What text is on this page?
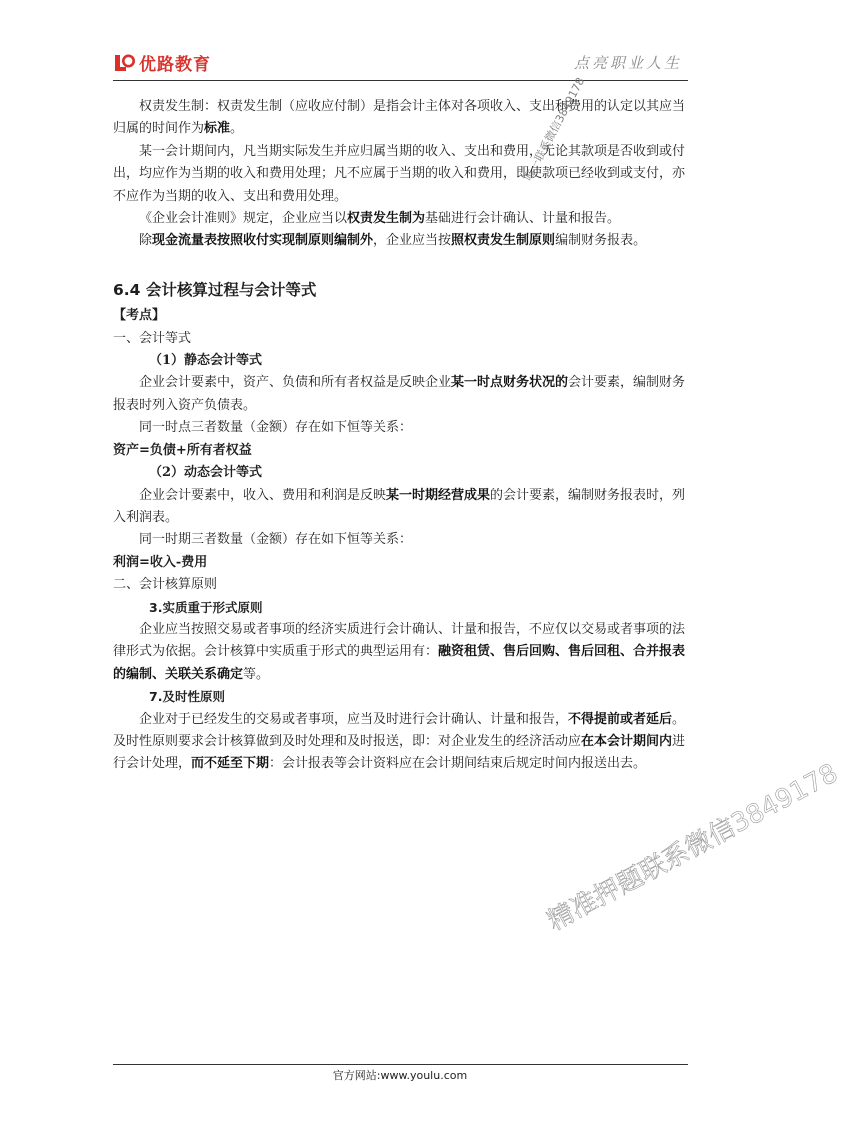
优路教育	点亮职业人生

权责发生制：权责发生制（应收应付制）是指会计主体对各项收入、支出和费用的认定以其应当归属的时间作为标准。

某一会计期间内，凡当期实际发生并应归属当期的收入、支出和费用，无论其款项是否收到或付出，均应作为当期的收入和费用处理；凡不应属于当期的收入和费用，即使款项已经收到或支付，亦不应作为当期的收入、支出和费用处理。

《企业会计准则》规定，企业应当以权责发生制为基础进行会计确认、计量和报告。

除现金流量表按照收付实现制原则编制外，企业应当按照权责发生制原则编制财务报表。

6.4 会计核算过程与会计等式

【考点】

一、会计等式

（1）静态会计等式

企业会计要素中，资产、负债和所有者权益是反映企业某一时点财务状况的会计要素，编制财务报表时列入资产负债表。

同一时点三者数量（金额）存在如下恒等关系：

资产=负债+所有者权益

（2）动态会计等式

企业会计要素中，收入、费用和利润是反映某一时期经营成果的会计要素，编制财务报表时，列入利润表。

同一时期三者数量（金额）存在如下恒等关系：

利润=收入-费用

二、会计核算原则

3.实质重于形式原则

企业应当按照交易或者事项的经济实质进行会计确认、计量和报告，不应仅以交易或者事项的法律形式为依据。会计核算中实质重于形式的典型运用有：融资租赁、售后回购、售后回租、合并报表的编制、关联关系确定等。

7.及时性原则

企业对于已经发生的交易或者事项，应当及时进行会计确认、计量和报告，不得提前或者延后。及时性原则要求会计核算做到及时处理和及时报送，即：对企业发生的经济活动应在本会计期间内进行会计处理，而不延至下期：会计报表等会计资料应在会计期间结束后规定时间内报送出去。

唯一联系微信3849178
精准押题联系微信3849178
官方网站:www.youlu.com
